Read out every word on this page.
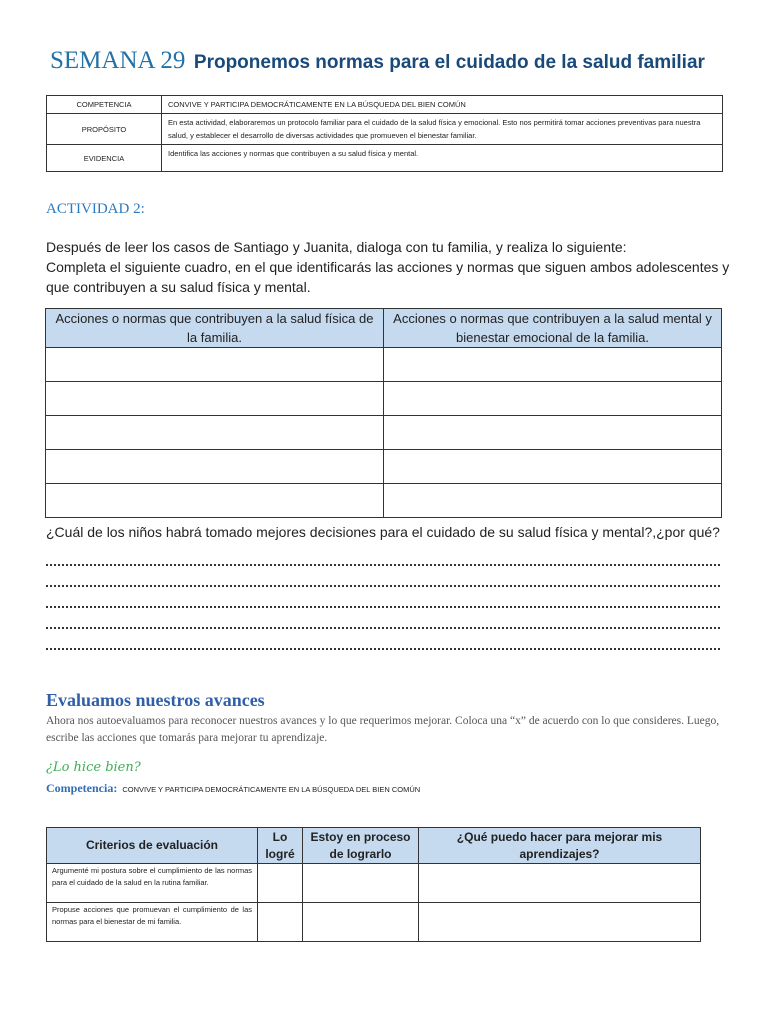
SEMANA 29 Proponemos normas para el cuidado de la salud familiar
COMPETENCIA	CONVIVE Y PARTICIPA DEMOCRÁTICAMENTE EN LA BÚSQUEDA DEL BIEN COMÚN
PROPÓSITO	En esta actividad, elaboraremos un protocolo familiar para el cuidado de la salud física y emocional. Esto nos permitirá tomar acciones preventivas para nuestra salud, y establecer el desarrollo de diversas actividades que promueven el bienestar familiar.
EVIDENCIA	Identifica las acciones y normas que contribuyen a su salud física y mental.
ACTIVIDAD 2:
Después de leer los casos de Santiago y Juanita, dialoga con tu familia, y realiza lo siguiente:
Completa el siguiente cuadro, en el que identificarás las acciones y normas que siguen ambos adolescentes y que contribuyen a su salud física y mental.
Acciones o normas que contribuyen a la salud física de la familia.	Acciones o normas que contribuyen a la salud mental y bienestar emocional de la familia.

¿Cuál de los niños habrá tomado mejores decisiones para el cuidado de su salud física y mental?,¿por qué?
Evaluamos nuestros avances
Ahora nos autoevaluamos para reconocer nuestros avances y lo que requerimos mejorar. Coloca una “x” de acuerdo con lo que consideres. Luego, escribe las acciones que tomarás para mejorar tu aprendizaje.
¿Lo hice bien?
Competencia: CONVIVE Y PARTICIPA DEMOCRÁTICAMENTE EN LA BÚSQUEDA DEL BIEN COMÚN
Criterios de evaluación	Lo logré	Estoy en proceso de lograrlo	¿Qué puedo hacer para mejorar mis aprendizajes?
Argumenté mi postura sobre el cumplimiento de las normas para el cuidado de la salud en la rutina familiar.			
Propuse acciones que promuevan el cumplimiento de las normas para el bienestar de mi familia.			
